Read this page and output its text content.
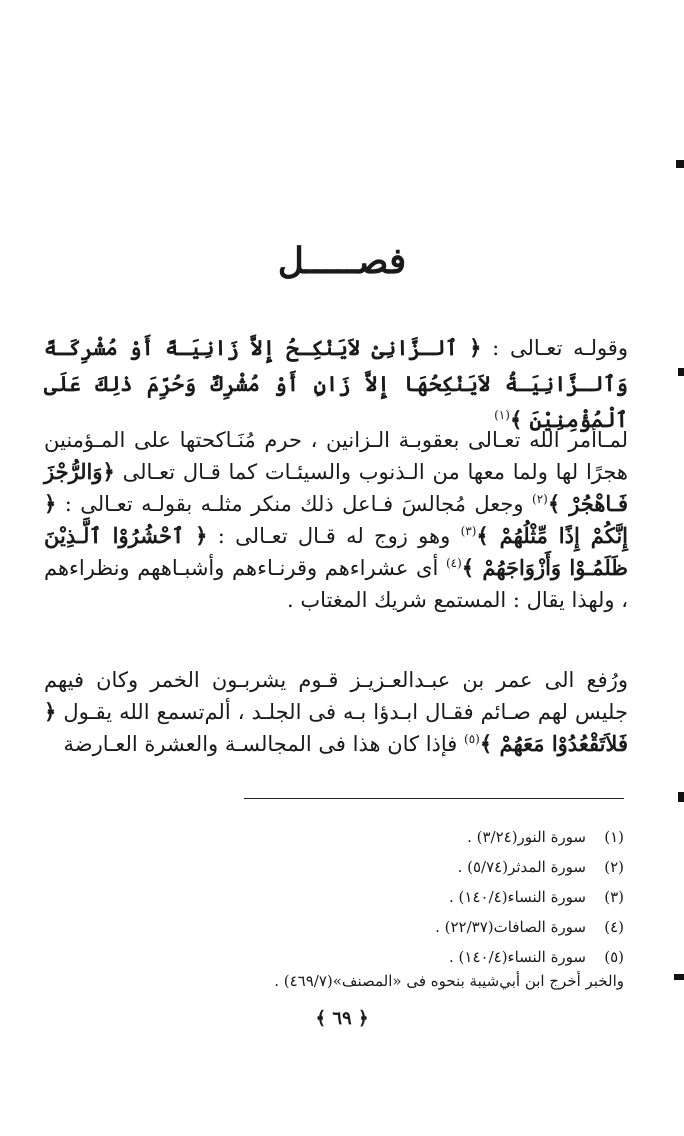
فصـــــل
وقولـه تعـالى : ﴿ ٱلـزَّانِىْ لاَيَنْكِـحُ إِلاَّ زَانِيَـةً أَوْ مُشْرِكَـةً وَٱلـزَّانِيَـةُ لاَيَنْكِحُهَا إِلاَّ زَانٍ أَوْ مُشْرِكٌ وَحُرِّمَ ذٰلِكَ عَلَى ٱلْمُؤْمِنِيْنَ ﴾$^{(١)}$
لمـاأمر الله تعـالى بعقوبـة الـزانين ، حرم مُنَـاكحتها على المـؤمنين هجرًا لها ولما معها من الـذنوب والسيئـات كما قـال تعـالى ﴿وَالرُّجْزَ فَـاهْجُرْ ﴾$^{(٢)}$ وجعل مُجالسَ فـاعل ذلك منكر مثلـه بقولـه تعـالى : ﴿ إِنَّكُمْ إِذًا مِّثْلُهُمْ ﴾$^{(٣)}$ وهو زوج له قـال تعـالى : ﴿ ٱحْشُرُوْا ٱلَّـذِيْنَ ظَلَمُـوْا وَأَزْوَاجَهُمْ ﴾$^{(٤)}$ أى عشراءهم وقرنـاءهم وأشبـاههم ونظراءهم ، ولهذا يقال : المستمع شريك المغتاب .
ورُفع الى عمر بن عبـدالعـزيـز قـوم يشربـون الخمر وكان فيهم جليس لهم صـائم فقـال ابـدؤا بـه فى الجلـد ، ألم‌تسمع الله يقـول ﴿ فَلاَتَقْعُدُوْا مَعَهُمْ ﴾$^{(٥)}$ فإذا كان هذا فى المجالسـة والعشرة العـارضة
(١)
سورة النور(٣/٢٤) .
(٢)
سورة المدثر(٥/٧٤) .
(٣)
سورة النساء(١٤٠/٤) .
(٤)
سورة الصافات(٢٢/٣٧) .
(٥)
سورة النساء(١٤٠/٤) .
والخبر أخرج ابن أبي‌شيبة بنحوه فى «المصنف»(٤٦٩/٧) .
﴿ ٦٩ ﴾
